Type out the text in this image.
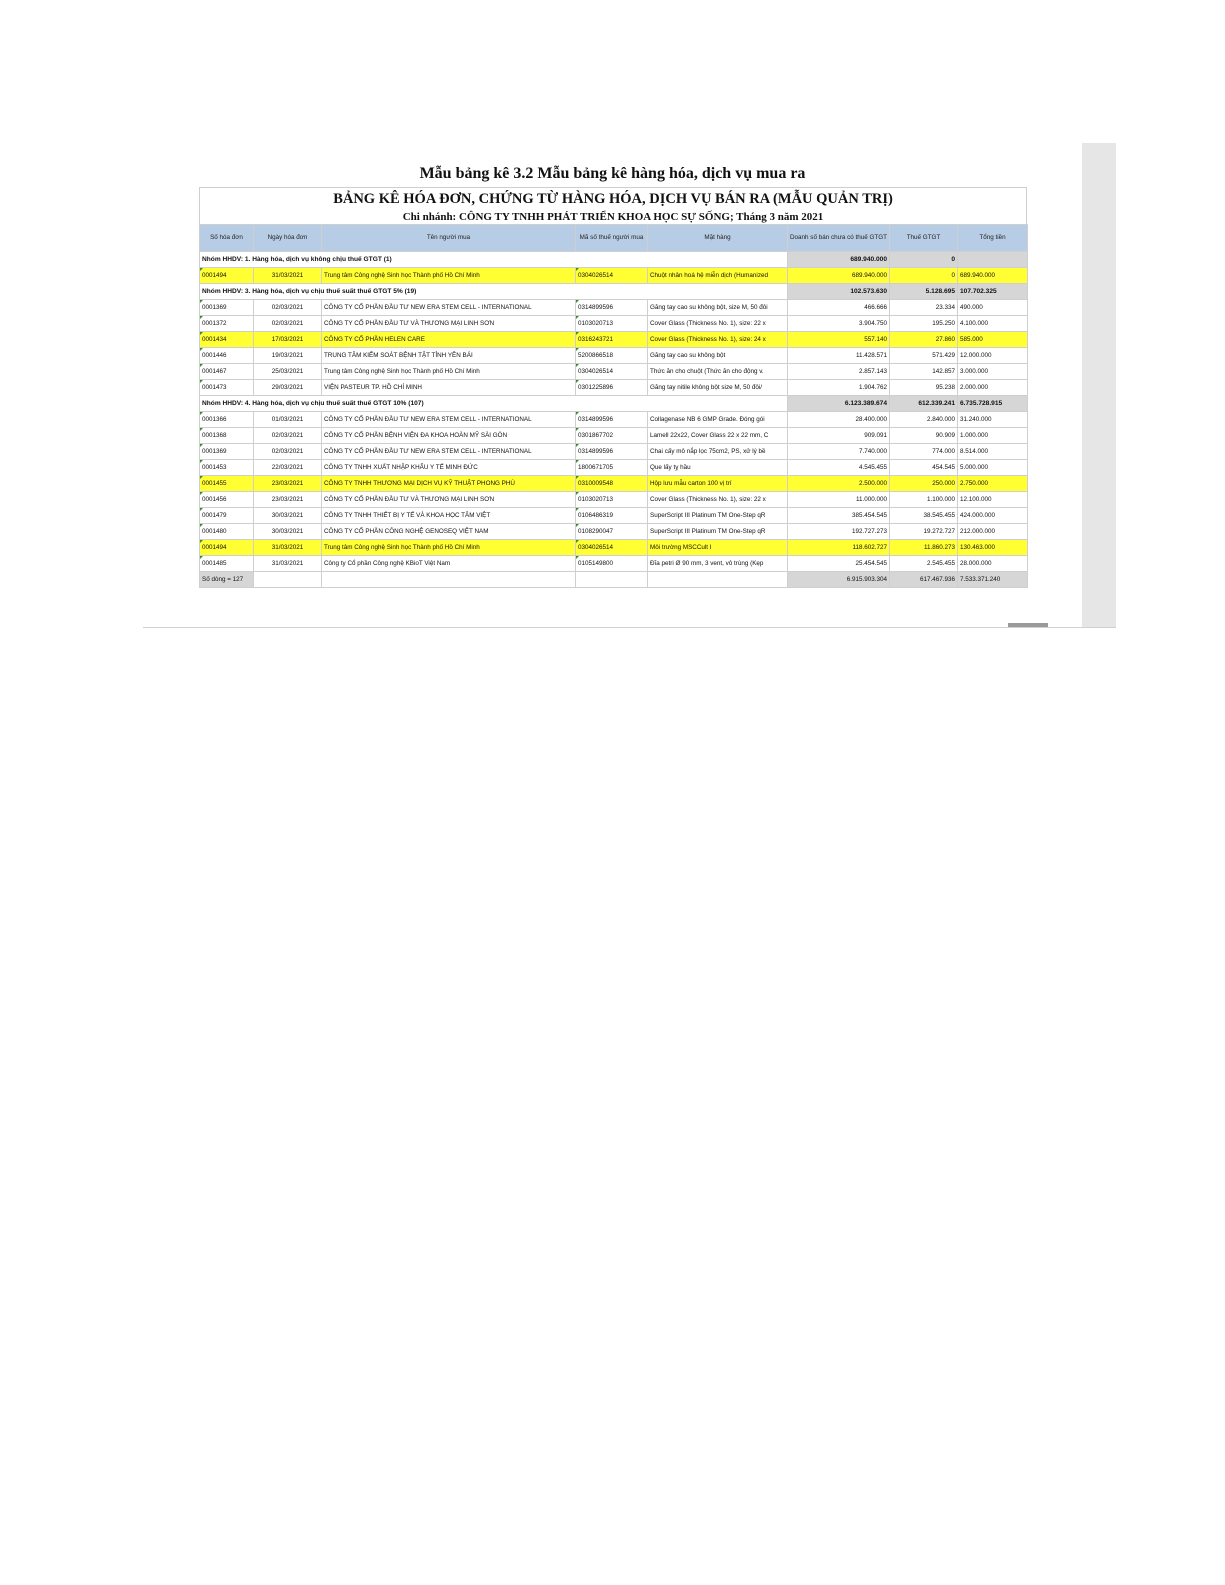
Mẫu bảng kê 3.2 Mẫu bảng kê hàng hóa, dịch vụ mua ra
BẢNG KÊ HÓA ĐƠN, CHỨNG TỪ HÀNG HÓA, DỊCH VỤ BÁN RA (MẪU QUẢN TRỊ)
Chi nhánh: CÔNG TY TNHH PHÁT TRIỂN KHOA HỌC SỰ SỐNG; Tháng 3 năm 2021
Số hóa đơn	Ngày hóa đơn	Tên người mua	Mã số thuế người mua	Mặt hàng	Doanh số bán chưa có thuế GTGT	Thuế GTGT	Tổng tiền
Nhóm HHDV: 1. Hàng hóa, dịch vụ không chịu thuế GTGT (1)					689.940.000	0	
0001494	31/03/2021	Trung tâm Công nghệ Sinh học Thành phố Hồ Chí Minh	0304026514	Chuột nhân hoá hệ miễn dịch (Humanized	689.940.000	0	689.940.000
Nhóm HHDV: 3. Hàng hóa, dịch vụ chịu thuế suất thuế GTGT 5% (19)					102.573.630	5.128.695	107.702.325
0001369	02/03/2021	CÔNG TY CỔ PHẦN ĐẦU TƯ NEW ERA STEM CELL - INTERNATIONAL	0314899596	Găng tay cao su không bột, size M, 50 đôi	466.666	23.334	490.000
0001372	02/03/2021	CÔNG TY CỔ PHẦN ĐẦU TƯ VÀ THƯƠNG MẠI LINH SƠN	0103020713	Cover Glass (Thickness No. 1), size: 22 x	3.904.750	195.250	4.100.000
0001434	17/03/2021	CÔNG TY CỔ PHẦN HELEN CARE	0316243721	Cover Glass (Thickness No. 1), size: 24 x	557.140	27.860	585.000
0001446	19/03/2021	TRUNG TÂM KIỂM SOÁT BỆNH TẬT TỈNH YÊN BÁI	5200866518	Găng tay cao su không bột	11.428.571	571.429	12.000.000
0001467	25/03/2021	Trung tâm Công nghệ Sinh học Thành phố Hồ Chí Minh	0304026514	Thức ăn cho chuột (Thức ăn cho động v.	2.857.143	142.857	3.000.000
0001473	29/03/2021	VIỆN PASTEUR TP. HỒ CHÍ MINH	0301225896	Găng tay nitile không bột size M, 50 đôi/	1.904.762	95.238	2.000.000
Nhóm HHDV: 4. Hàng hóa, dịch vụ chịu thuế suất thuế GTGT 10% (107)					6.123.389.674	612.339.241	6.735.728.915
0001366	01/03/2021	CÔNG TY CỔ PHẦN ĐẦU TƯ NEW ERA STEM CELL - INTERNATIONAL	0314899596	Collagenase NB 6 GMP Grade. Đóng gói	28.400.000	2.840.000	31.240.000
0001368	02/03/2021	CÔNG TY CỔ PHẦN BỆNH VIỆN ĐA KHOA HOÀN MỸ SÀI GÒN	0301867702	Lamell 22x22, Cover Glass 22 x 22 mm, C	909.091	90.909	1.000.000
0001369	02/03/2021	CÔNG TY CỔ PHẦN ĐẦU TƯ NEW ERA STEM CELL - INTERNATIONAL	0314899596	Chai cấy mô nắp lọc 75cm2, PS, xử lý bề	7.740.000	774.000	8.514.000
0001453	22/03/2021	CÔNG TY TNHH XUẤT NHẬP KHẨU Y TẾ MINH ĐỨC	1800671705	Que lấy tỵ hầu	4.545.455	454.545	5.000.000
0001455	23/03/2021	CÔNG TY TNHH THƯƠNG MẠI DỊCH VỤ KỸ THUẬT PHONG PHÚ	0310009548	Hộp lưu mẫu carton 100 vị trí	2.500.000	250.000	2.750.000
0001456	23/03/2021	CÔNG TY CỔ PHẦN ĐẦU TƯ VÀ THƯƠNG MẠI LINH SƠN	0103020713	Cover Glass (Thickness No. 1), size: 22 x	11.000.000	1.100.000	12.100.000
0001479	30/03/2021	CÔNG TY TNHH THIẾT BỊ Y TẾ VÀ KHOA HỌC TÂM VIỆT	0106486319	SuperScript III Platinum TM One-Step qR	385.454.545	38.545.455	424.000.000
0001480	30/03/2021	CÔNG TY CỔ PHẦN CÔNG NGHỆ GENOSEQ VIỆT NAM	0108290047	SuperScript III Platinum TM One-Step qR	192.727.273	19.272.727	212.000.000
0001494	31/03/2021	Trung tâm Công nghệ Sinh học Thành phố Hồ Chí Minh	0304026514	Môi trường MSCCult I	118.602.727	11.860.273	130.463.000
0001485	31/03/2021	Công ty Cổ phần Công nghệ KBioT Việt Nam	0105149800	Đĩa petri Ø 90 mm, 3 vent, vô trùng (Kẹp	25.454.545	2.545.455	28.000.000
Số dòng = 127					6.915.903.304	617.467.936	7.533.371.240
